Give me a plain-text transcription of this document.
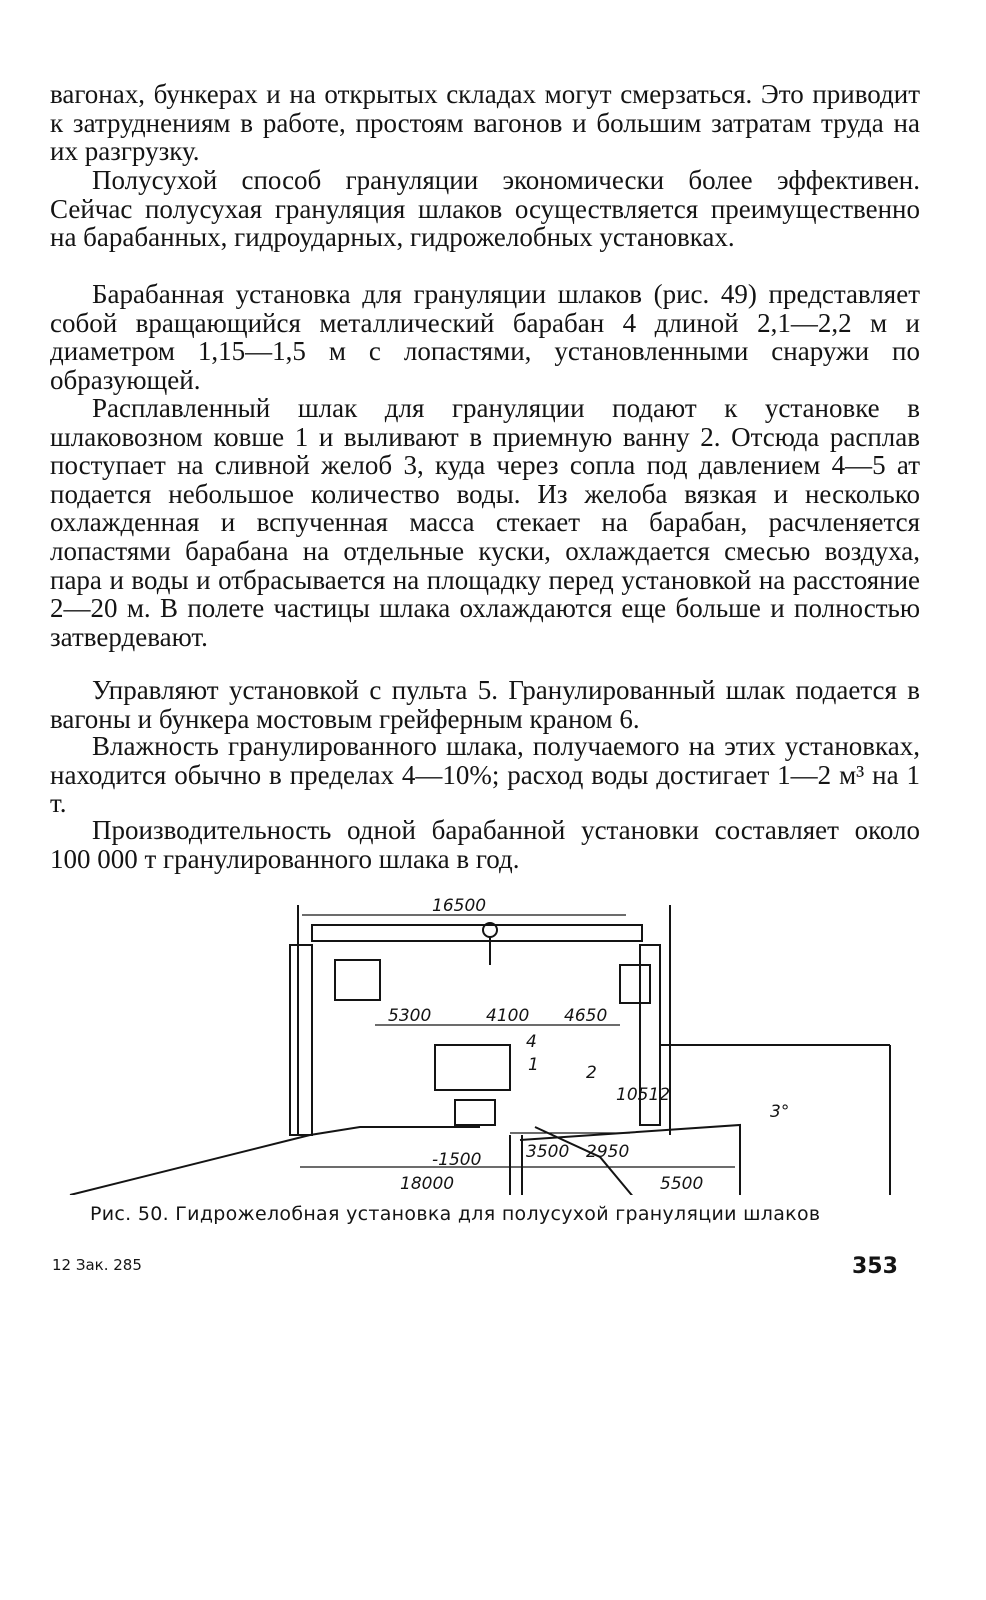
вагонах, бункерах и на открытых складах могут смерзаться. Это приводит к затруднениям в работе, простоям вагонов и большим затратам труда на их разгрузку.

Полусухой способ грануляции экономически более эффективен. Сейчас полусухая грануляция шлаков осуществляется преимущественно на барабанных, гидроударных, гидрожелобных установках.

Барабанная установка для грануляции шлаков (рис. 49) представляет собой вращающийся металлический барабан 4 длиной 2,1—2,2 м и диаметром 1,15—1,5 м с лопастями, установленными снаружи по образующей.

Расплавленный шлак для грануляции подают к установке в шлаковозном ковше 1 и выливают в приемную ванну 2. Отсюда расплав поступает на сливной желоб 3, куда через сопла под давлением 4—5 ат подается небольшое количество воды. Из желоба вязкая и несколько охлажденная и вспученная масса стекает на барабан, расчленяется лопастями барабана на отдельные куски, охлаждается смесью воздуха, пара и воды и отбрасывается на площадку перед установкой на расстояние 2—20 м. В полете частицы шлака охлаждаются еще больше и полностью затвердевают.

Управляют установкой с пульта 5. Гранулированный шлак подается в вагоны и бункера мостовым грейферным краном 6.

Влажность гранулированного шлака, получаемого на этих установках, находится обычно в пределах 4—10%; расход воды достигает 1—2 м³ на 1 т.

Производительность одной барабанной установки составляет около 100 000 т гранулированного шлака в год.

16500
5300	4100 4650
10512
-1500	3500 2950
18000	5500
3°
1	2
4
Рис. 50. Гидрожелобная установка для полусухой грануляции шлаков
12 Зак. 285	353
